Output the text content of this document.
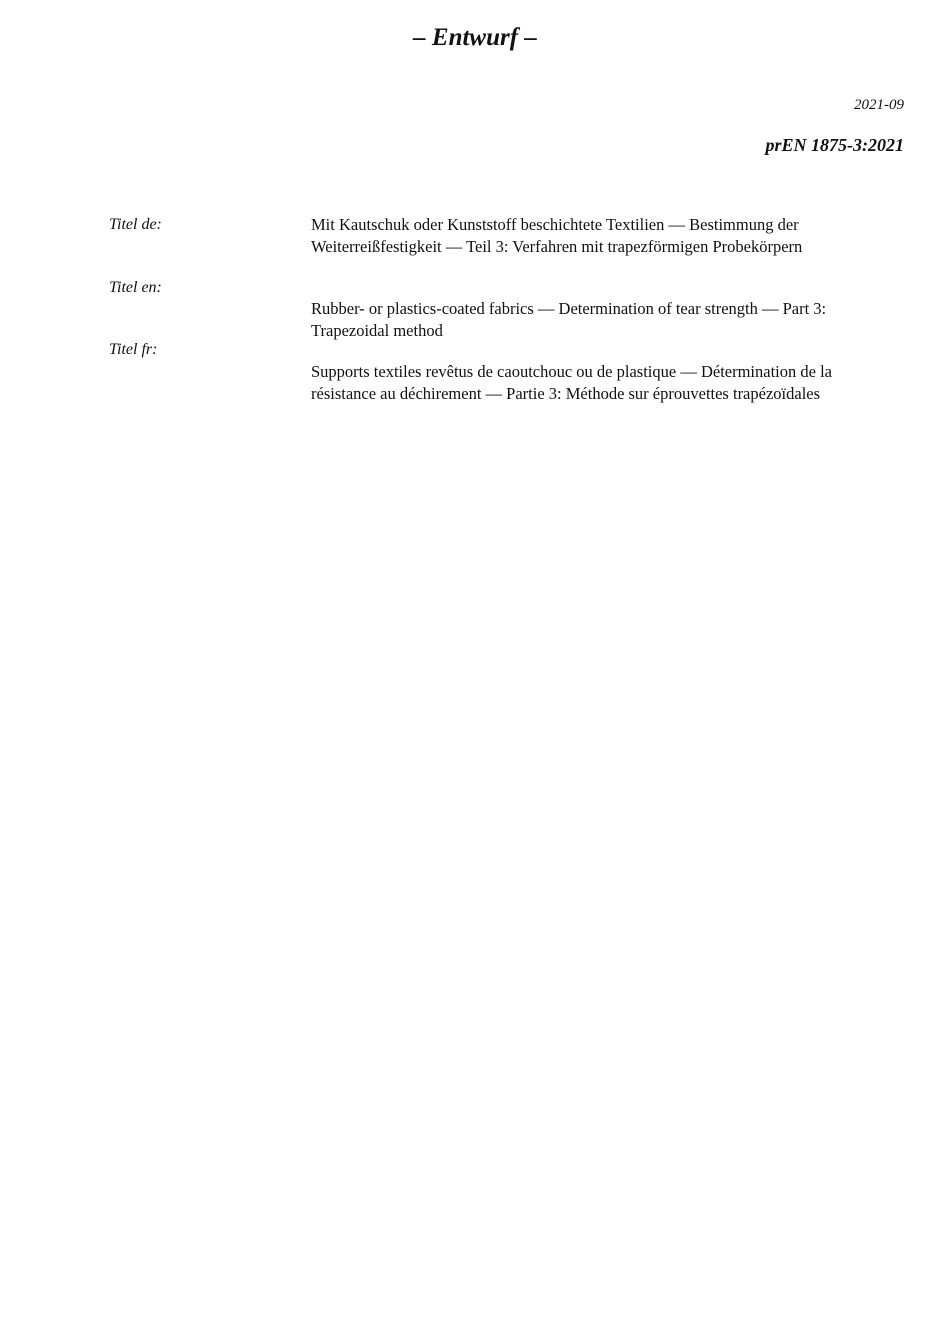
– Entwurf –
2021-09
prEN 1875-3:2021
Titel de:	Mit Kautschuk oder Kunststoff beschichtete Textilien — Bestimmung der Weiterreißfestigkeit — Teil 3: Verfahren mit trapezförmigen Probekörpern
Titel en:
Rubber- or plastics-coated fabrics — Determination of tear strength — Part 3: Trapezoidal method
Titel fr:
Supports textiles revêtus de caoutchouc ou de plastique — Détermination de la résistance au déchirement — Partie 3: Méthode sur éprouvettes trapézoïdales
